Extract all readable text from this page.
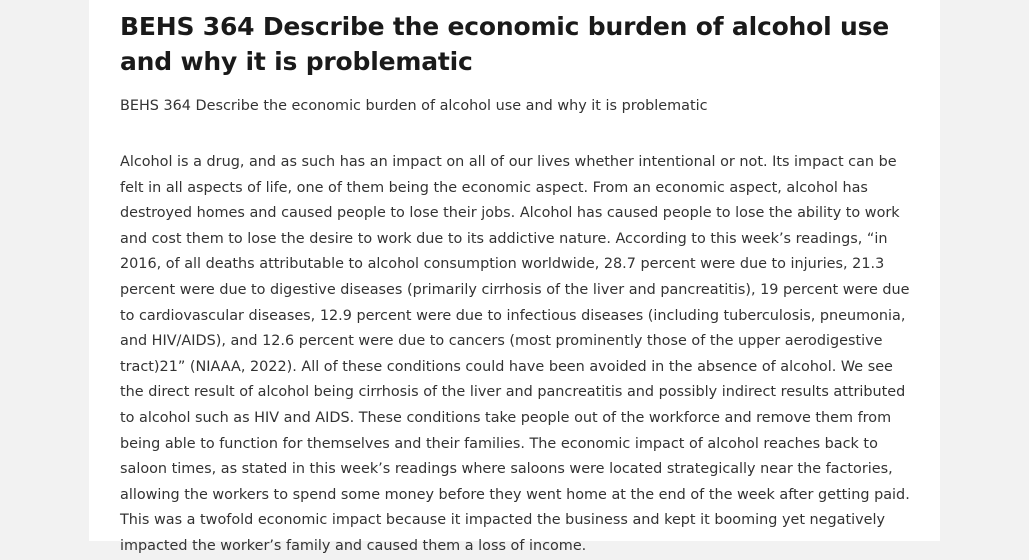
BEHS 364 Describe the economic burden of alcohol use and why it is problematic

BEHS 364 Describe the economic burden of alcohol use and why it is problematic

Alcohol is a drug, and as such has an impact on all of our lives whether intentional or not. Its impact can be felt in all aspects of life, one of them being the economic aspect. From an economic aspect, alcohol has destroyed homes and caused people to lose their jobs. Alcohol has caused people to lose the ability to work and cost them to lose the desire to work due to its addictive nature. According to this week’s readings, “in 2016, of all deaths attributable to alcohol consumption worldwide, 28.7 percent were due to injuries, 21.3 percent were due to digestive diseases (primarily cirrhosis of the liver and pancreatitis), 19 percent were due to cardiovascular diseases, 12.9 percent were due to infectious diseases (including tuberculosis, pneumonia, and HIV/AIDS), and 12.6 percent were due to cancers (most prominently those of the upper aerodigestive tract)21” (NIAAA, 2022). All of these conditions could have been avoided in the absence of alcohol. We see the direct result of alcohol being cirrhosis of the liver and pancreatitis and possibly indirect results attributed to alcohol such as HIV and AIDS. These conditions take people out of the workforce and remove them from being able to function for themselves and their families. The economic impact of alcohol reaches back to saloon times, as stated in this week’s readings where saloons were located strategically near the factories, allowing the workers to spend some money before they went home at the end of the week after getting paid. This was a twofold economic impact because it impacted the business and kept it booming yet negatively impacted the worker’s family and caused them a loss of income.
